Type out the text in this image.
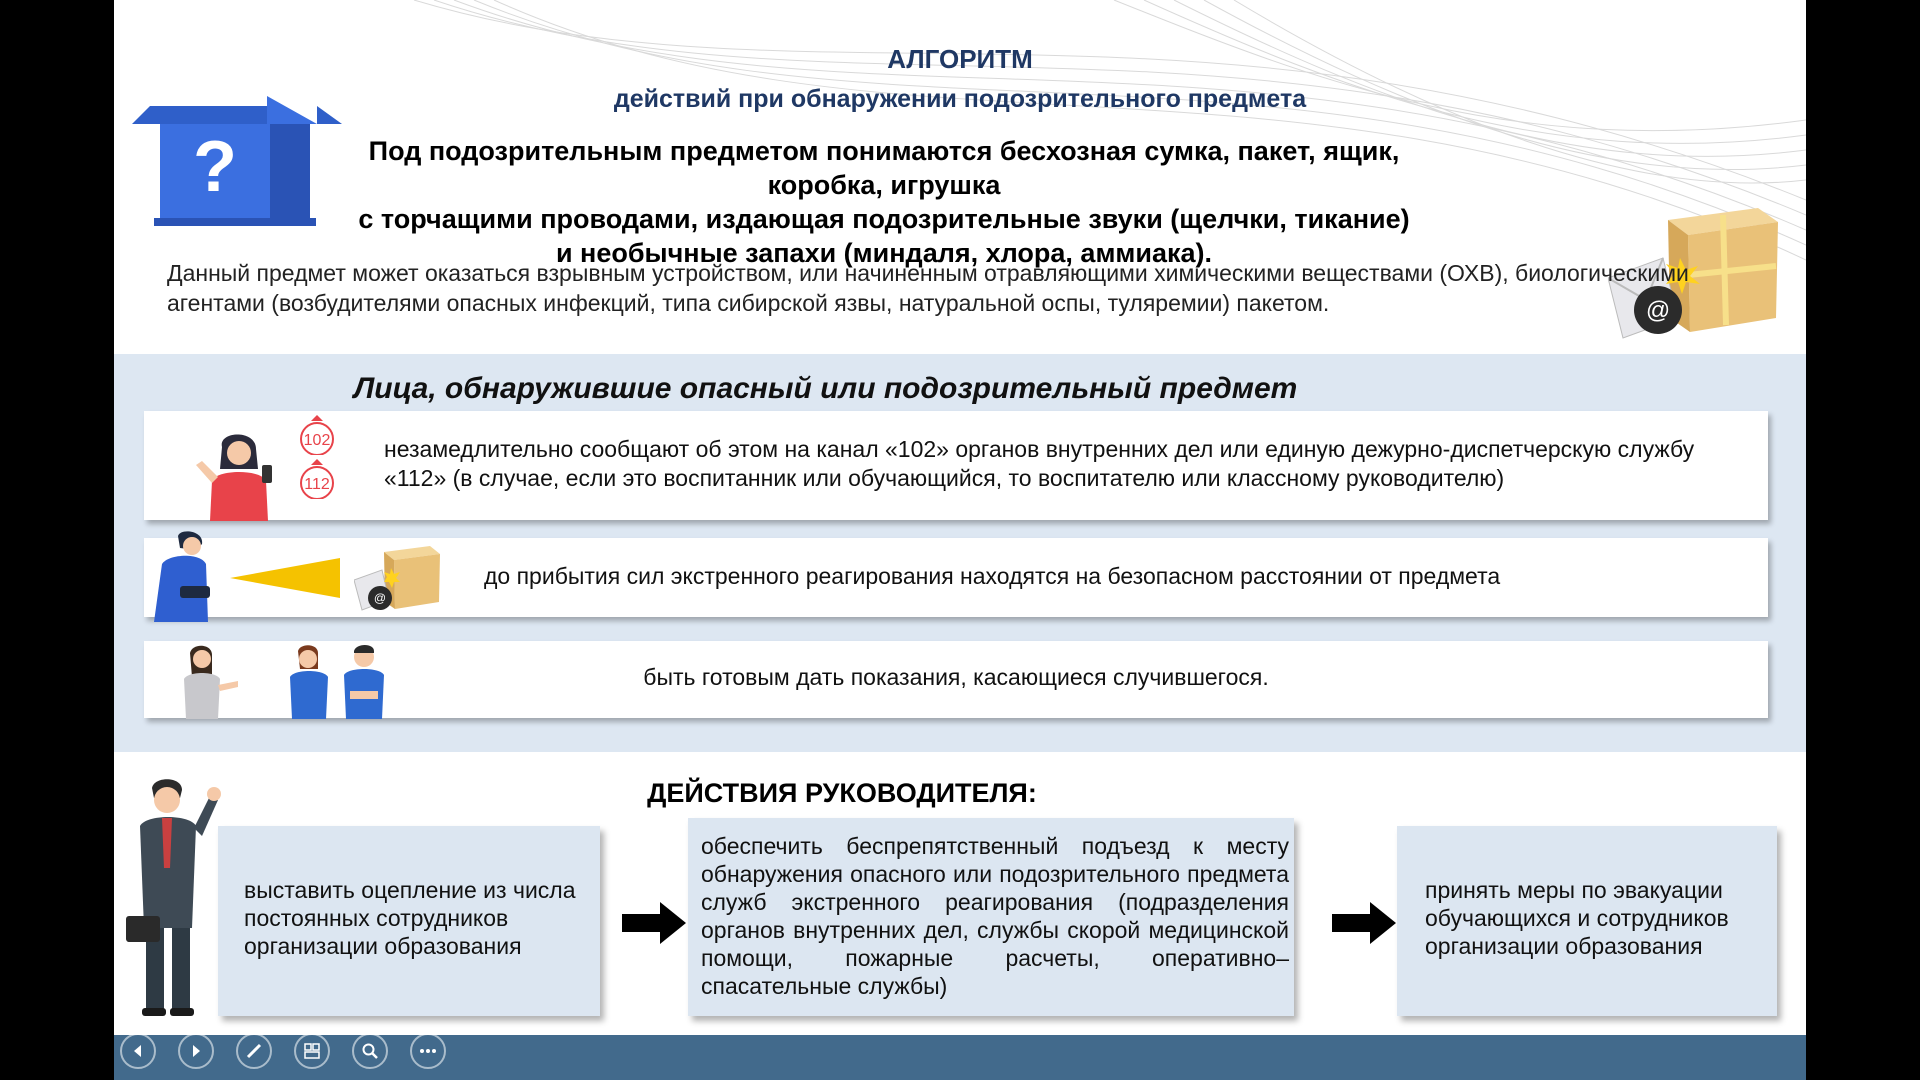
АЛГОРИТМ
действий при обнаружении подозрительного предмета
?	Под подозрительным предметом понимаются бесхозная сумка, пакет, ящик, коробка, игрушка
с торчащими проводами, издающая подозрительные звуки (щелчки, тикание)
и необычные запахи (миндаля, хлора, аммиака).
@
Данный предмет может оказаться взрывным устройством, или начиненным отравляющими химическими веществами (ОХВ), биологическими агентами (возбудителями опасных инфекций, типа сибирской язвы, натуральной оспы, туляремии) пакетом.
Лица, обнаружившие опасный или подозрительный предмет
102
112
незамедлительно сообщают об этом на канал «102» органов внутренних дел или единую дежурно-диспетчерскую службу «112» (в случае, если это воспитанник или обучающийся, то воспитателю или классному руководителю)
@
до прибытия сил экстренного реагирования находятся на безопасном расстоянии от предмета
быть готовым дать показания, касающиеся случившегося.
ДЕЙСТВИЯ РУКОВОДИТЕЛЯ:
выставить оцепление из числа постоянных сотрудников организации образования
обеспечить беспрепятственный подъезд к месту обнаружения опасного или подозрительного предмета служб экстренного реагирования (подразделения органов внутренних дел, службы скорой медицинской помощи, пожарные расчеты, оперативно–спасательные службы)
принять меры по эвакуации обучающихся и сотрудников организации образования
